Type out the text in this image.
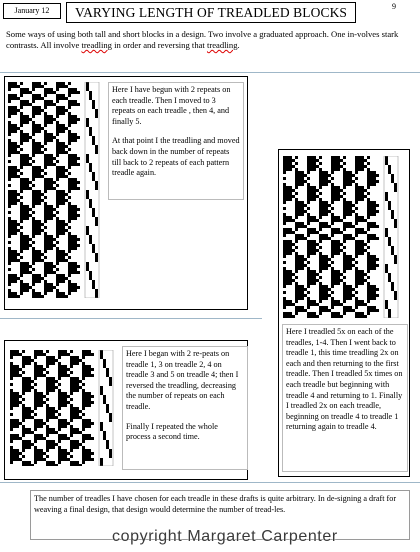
January 12	VARYING LENGTH OF TREADLED BLOCKS	9
Some ways of using both tall and short blocks in a design. Two involve a graduated approach. One in-volves stark contrasts. All involve treadling in order and reversing that treadling.

Here I have begun with 2 repeats on each treadle. Then I moved to 3 repeats on each treadle , then 4, and finally 5.

At that point I the treadling and moved back down in the number of repeats till back to 2 repeats of each pattern treadle again.

Here I treadled 5x on each of the treadles, 1-4. Then I went back to treadle 1, this time treadling 2x on each and then returning to the first treadle. Then I treadled 5x times on each treadle but beginning with treadle 4 and returning to 1. Finally I treadled 2x on each treadle, beginning on treadle 4 to treadle 1 returning again to treadle 4.

Here I began with 2 re-peats on treadle 1, 3 on treadle 2, 4 on treadle 3 and 5 on treadle 4; then I reversed the treadling, decreasing the number of repeats on each treadle.

Finally I repeated the whole process a second time.

The number of treadles I have chosen for each treadle in these drafts is quite arbitrary. In de-signing a draft for weaving a final design, that design would determine the number of tread-les.
copyright Margaret Carpenter
